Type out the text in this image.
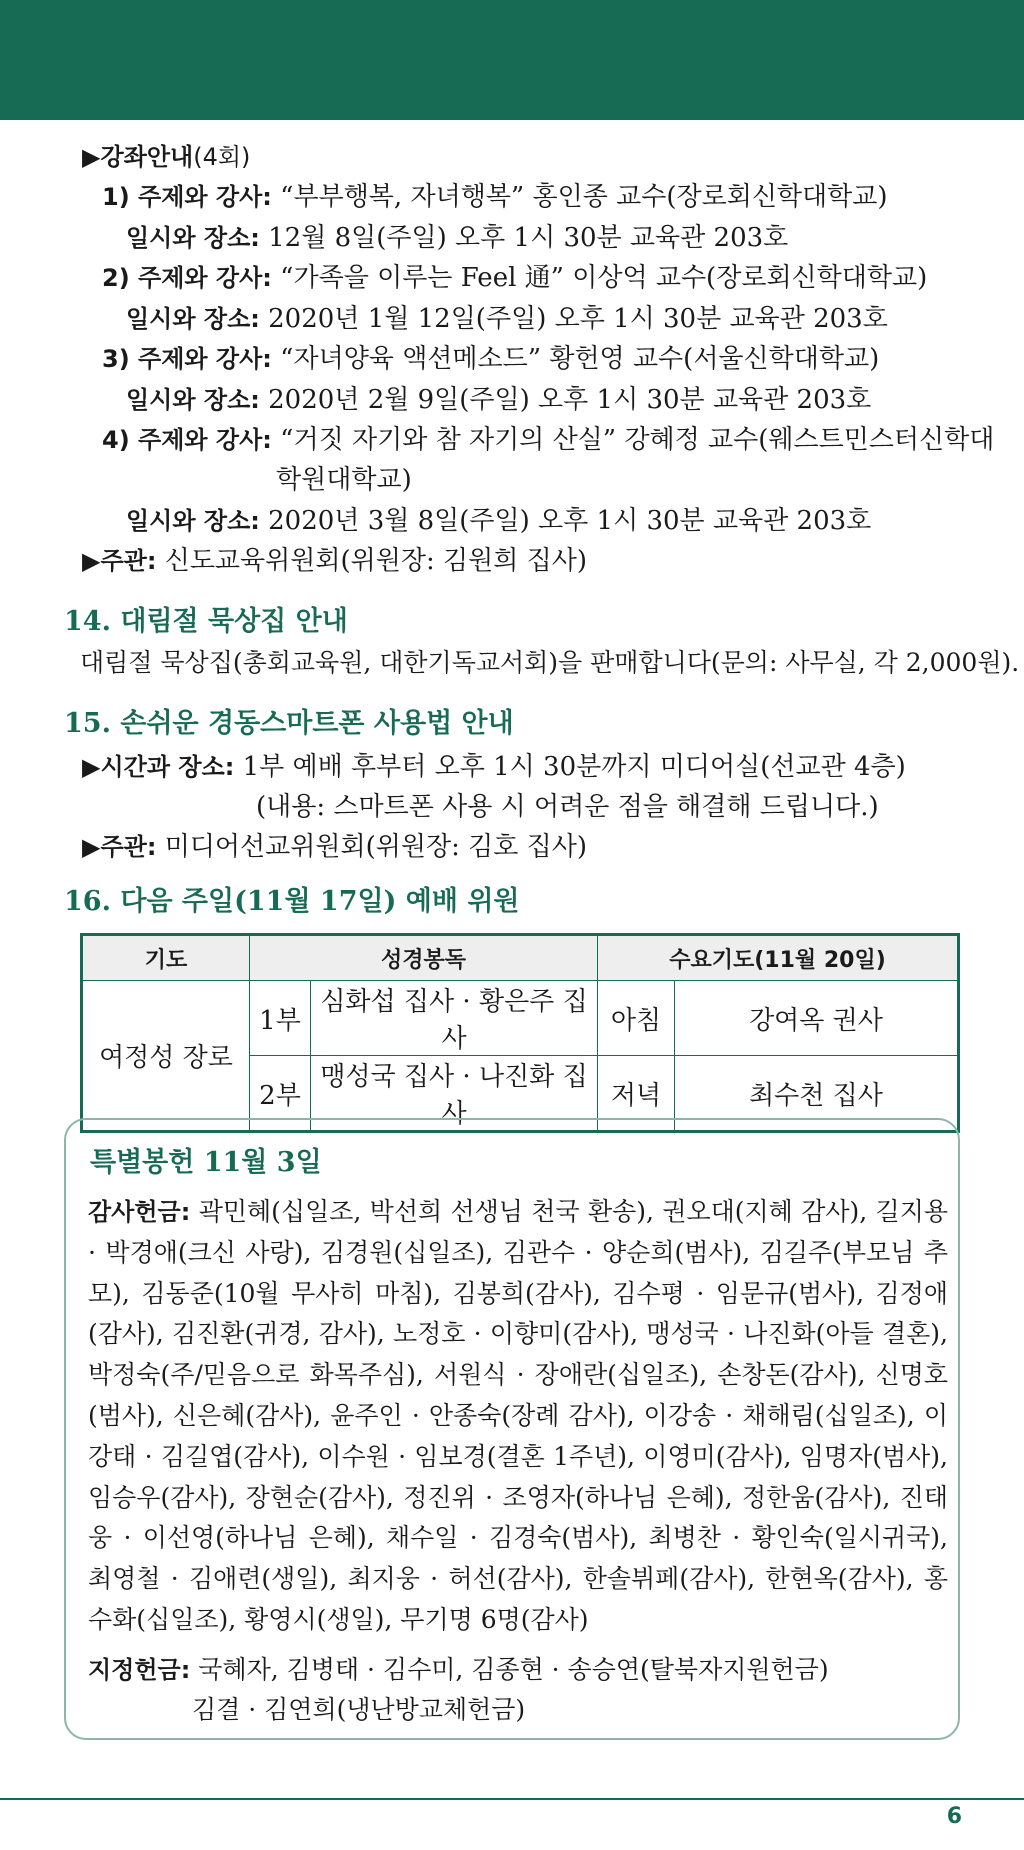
▶강좌안내(4회)
1) 주제와 강사: “부부행복, 자녀행복” 홍인종 교수(장로회신학대학교)
일시와 장소: 12월 8일(주일) 오후 1시 30분 교육관 203호
2) 주제와 강사: “가족을 이루는 Feel 通” 이상억 교수(장로회신학대학교)
일시와 장소: 2020년 1월 12일(주일) 오후 1시 30분 교육관 203호
3) 주제와 강사: “자녀양육 액션메소드” 황헌영 교수(서울신학대학교)
일시와 장소: 2020년 2월 9일(주일) 오후 1시 30분 교육관 203호
4) 주제와 강사: “거짓 자기와 참 자기의 산실” 강혜정 교수(웨스트민스터신학대
학원대학교)
일시와 장소: 2020년 3월 8일(주일) 오후 1시 30분 교육관 203호
▶주관: 신도교육위원회(위원장: 김원희 집사)
14. 대림절 묵상집 안내
대림절 묵상집(총회교육원, 대한기독교서회)을 판매합니다(문의: 사무실, 각 2,000원).
15. 손쉬운 경동스마트폰 사용법 안내
▶시간과 장소: 1부 예배 후부터 오후 1시 30분까지 미디어실(선교관 4층)
(내용: 스마트폰 사용 시 어려운 점을 해결해 드립니다.)
▶주관: 미디어선교위원회(위원장: 김호 집사)
16. 다음 주일(11월 17일) 예배 위원
기도	성경봉독		수요기도(11월 20일)	
여정성 장로	1부	심화섭 집사 · 황은주 집사	아침	강여옥 권사
	2부	맹성국 집사 · 나진화 집사	저녁	최수천 집사
특별봉헌 11월 3일
감사헌금: 곽민혜(십일조, 박선희 선생님 천국 환송), 권오대(지혜 감사), 길지용 · 박경애(크신 사랑), 김경원(십일조), 김관수 · 양순희(범사), 김길주(부모님 추모), 김동준(10월 무사히 마침), 김봉희(감사), 김수평 · 임문규(범사), 김정애(감사), 김진환(귀경, 감사), 노정호 · 이향미(감사), 맹성국 · 나진화(아들 결혼), 박정숙(주/믿음으로 화목주심), 서원식 · 장애란(십일조), 손창돈(감사), 신명호(범사), 신은혜(감사), 윤주인 · 안종숙(장례 감사), 이강송 · 채해림(십일조), 이강태 · 김길엽(감사), 이수원 · 임보경(결혼 1주년), 이영미(감사), 임명자(범사), 임승우(감사), 장현순(감사), 정진위 · 조영자(하나님 은혜), 정한움(감사), 진태웅 · 이선영(하나님 은혜), 채수일 · 김경숙(범사), 최병찬 · 황인숙(일시귀국), 최영철 · 김애련(생일), 최지웅 · 허선(감사), 한솔뷔페(감사), 한현옥(감사), 홍수화(십일조), 황영시(생일), 무기명 6명(감사)
지정헌금: 국혜자, 김병태 · 김수미, 김종현 · 송승연(탈북자지원헌금)
김결 · 김연희(냉난방교체헌금)
6
